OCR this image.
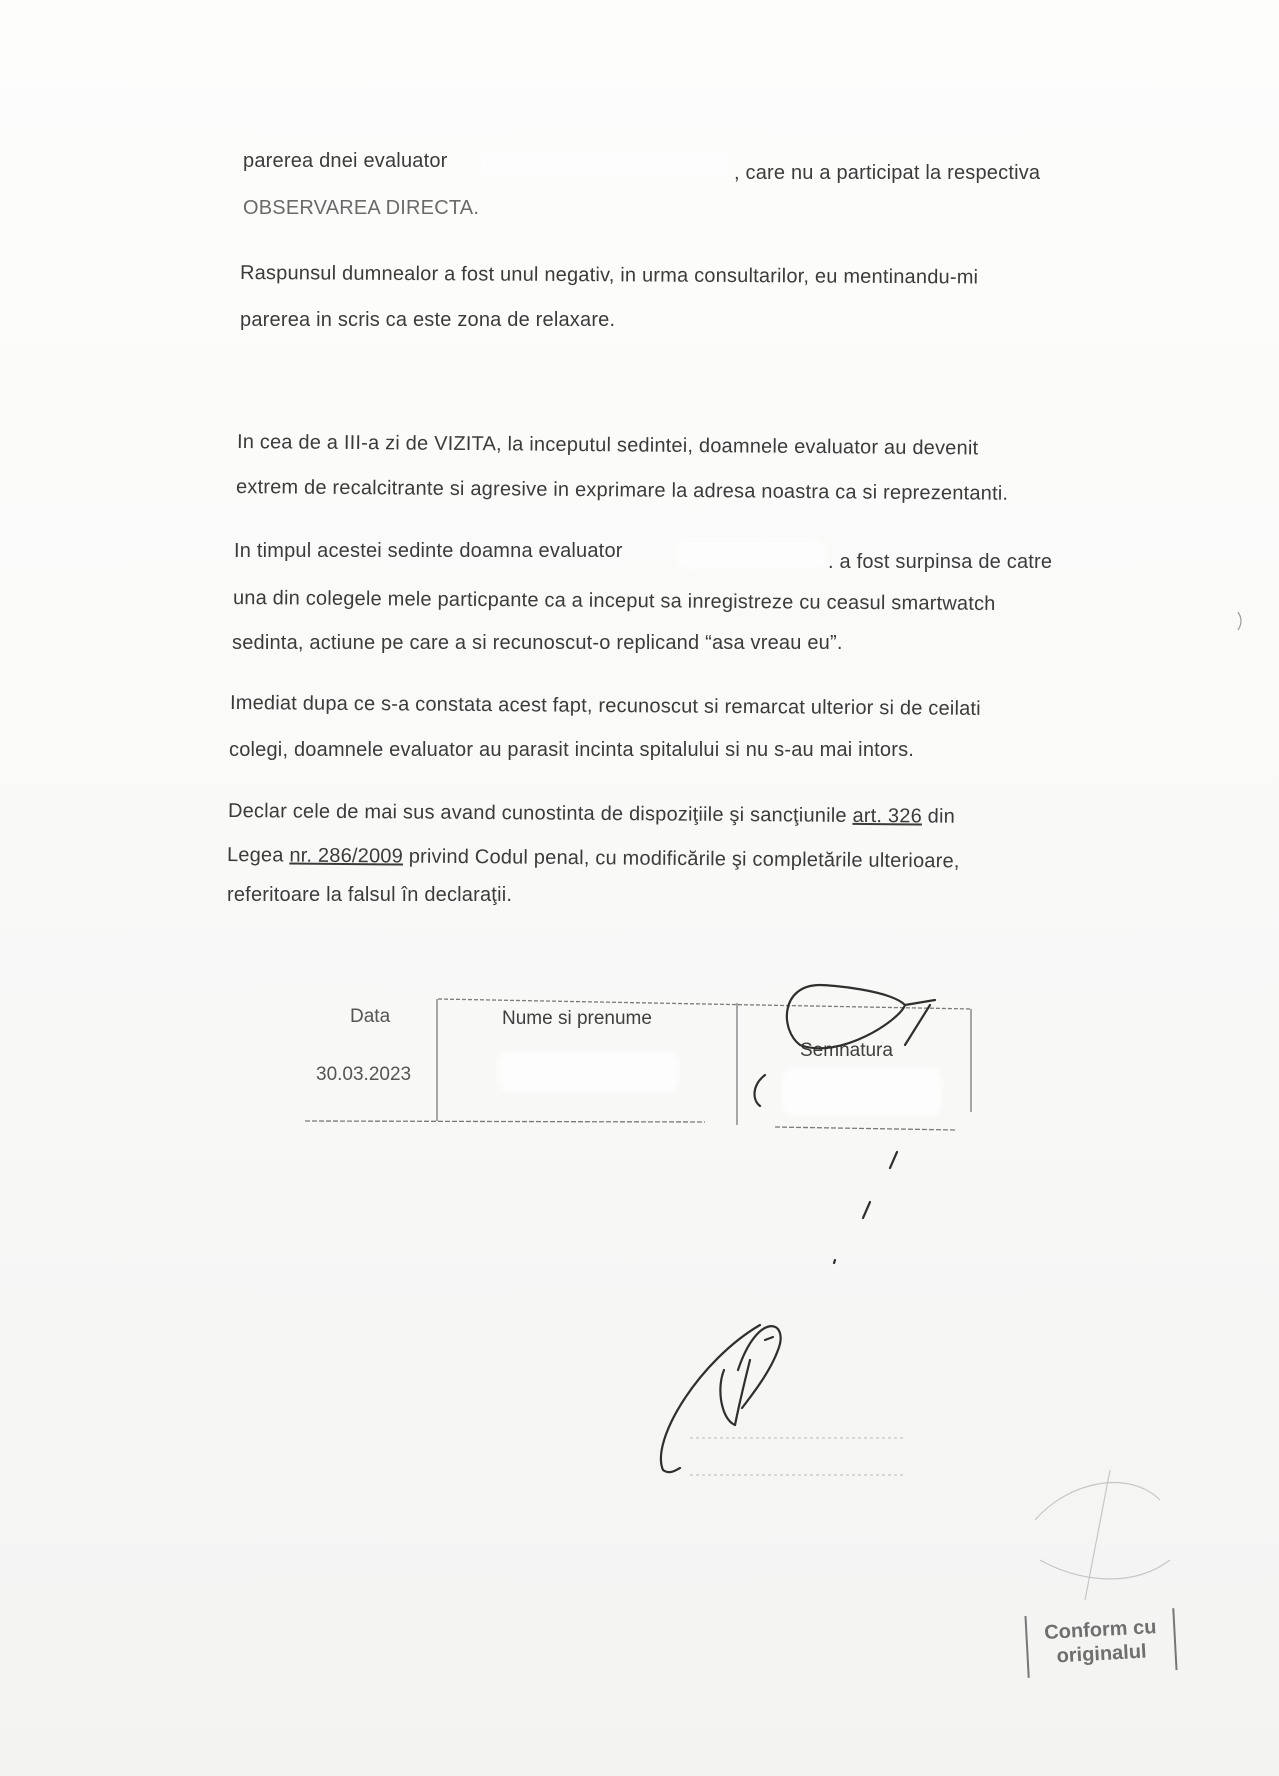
parerea dnei evaluator
, care nu a participat la respectiva
OBSERVAREA DIRECTA.
Raspunsul dumnealor a fost unul negativ, in urma consultarilor, eu mentinandu-mi
parerea in scris ca este zona de relaxare.
In cea de a III-a zi de VIZITA, la inceputul sedintei, doamnele evaluator au devenit
extrem de recalcitrante si agresive in exprimare la adresa noastra ca si reprezentanti.
In timpul acestei sedinte doamna evaluator	. a fost surpinsa de catre
una din colegele mele particpante ca a inceput sa inregistreze cu ceasul smartwatch
sedinta, actiune pe care a si recunoscut-o replicand “asa vreau eu”.
Imediat dupa ce s-a constata acest fapt, recunoscut si remarcat ulterior si de ceilati
colegi, doamnele evaluator au parasit incinta spitalului si nu s-au mai intors.
Declar cele de mai sus avand cunostinta de dispoziţiile şi sancţiunile art. 326 din
Legea nr. 286/2009 privind Codul penal, cu modificările şi completările ulterioare,
referitoare la falsul în declaraţii.
Data
30.03.2023
Nume si prenume
Semnatura
Conform cu
originalul
